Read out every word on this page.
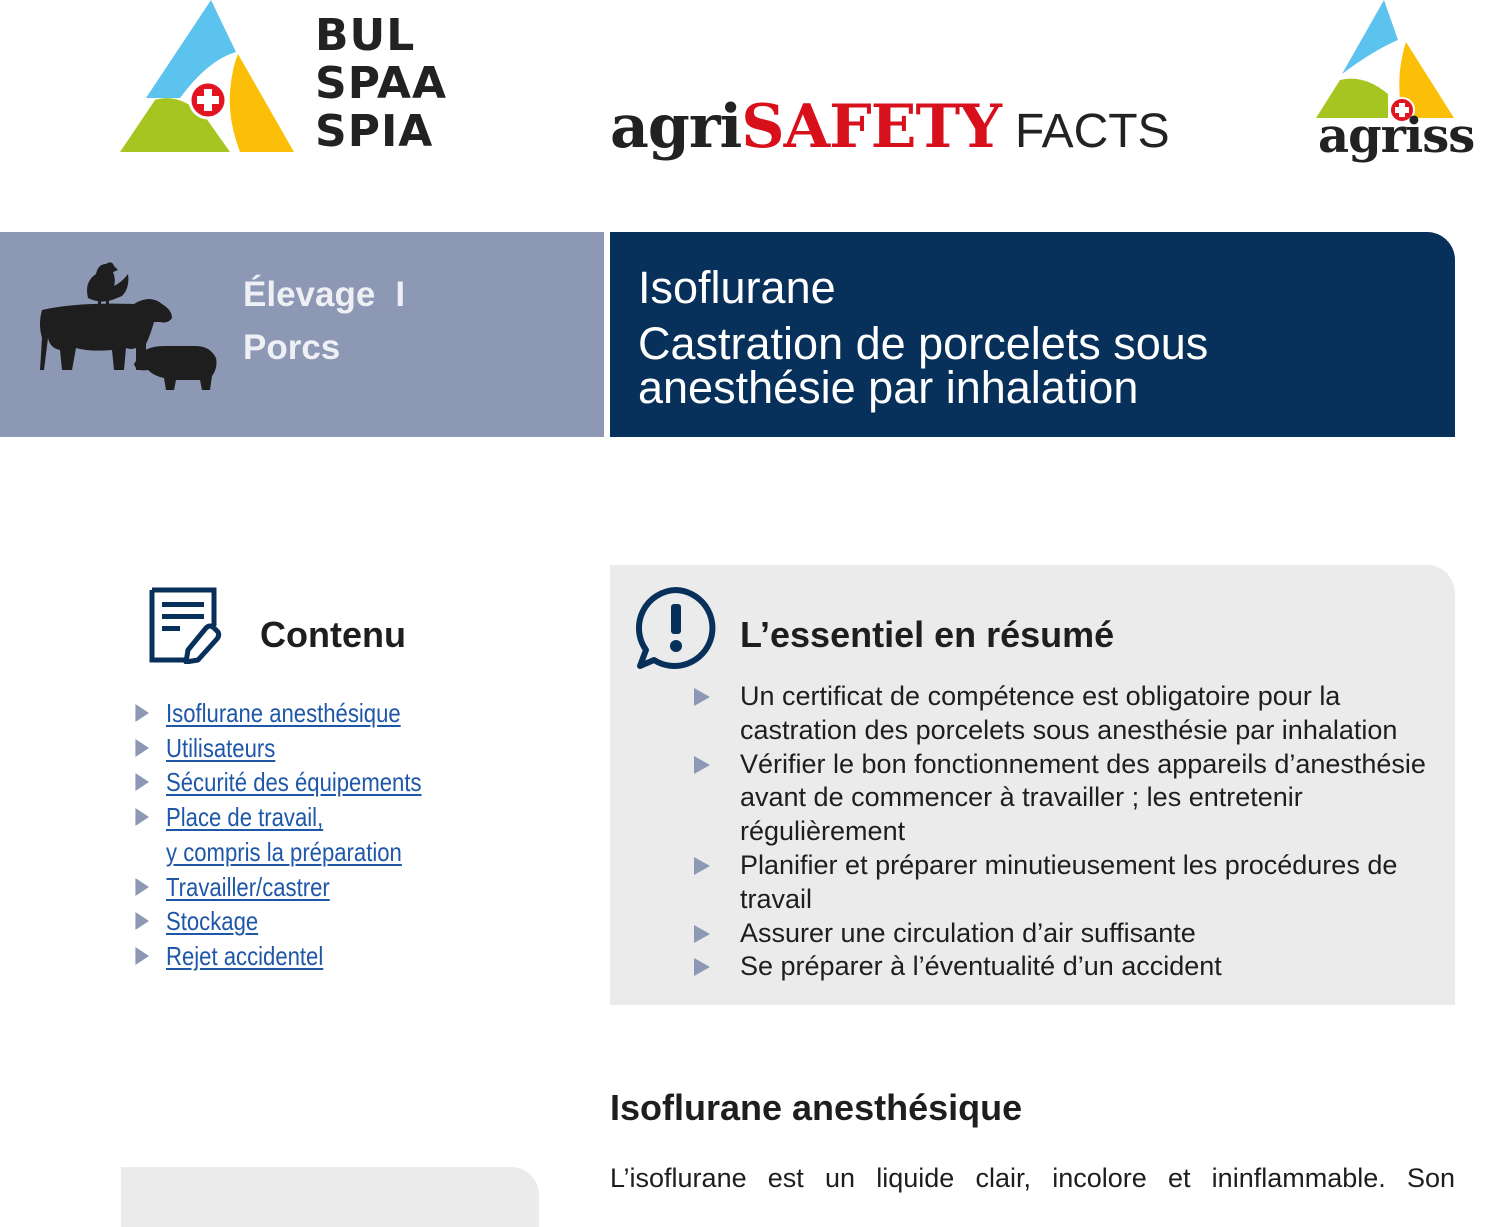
BUL
SPAA
SPIA	agriSAFETY FACTS	agriss
Élevage I
Porcs
Isoflurane
Castration de porcelets sous anesthésie par inhalation
Contenu
Isoflurane anesthésique
Utilisateurs
Sécurité des équipements
Place de travail,
y compris la préparation
Travailler/castrer
Stockage
Rejet accidentel
L’essentiel en résumé
Un certificat de compétence est obligatoire pour la castration des porcelets sous anesthésie par inhalation
Vérifier le bon fonctionnement des appareils d’anesthésie avant de commencer à travailler ; les entretenir régulièrement
Planifier et préparer minutieusement les procédures de travail
Assurer une circulation d’air suffisante
Se préparer à l’éventualité d’un accident
Isoflurane anesthésique
L’isoflurane est un liquide clair, incolore et ininflammable. Son
